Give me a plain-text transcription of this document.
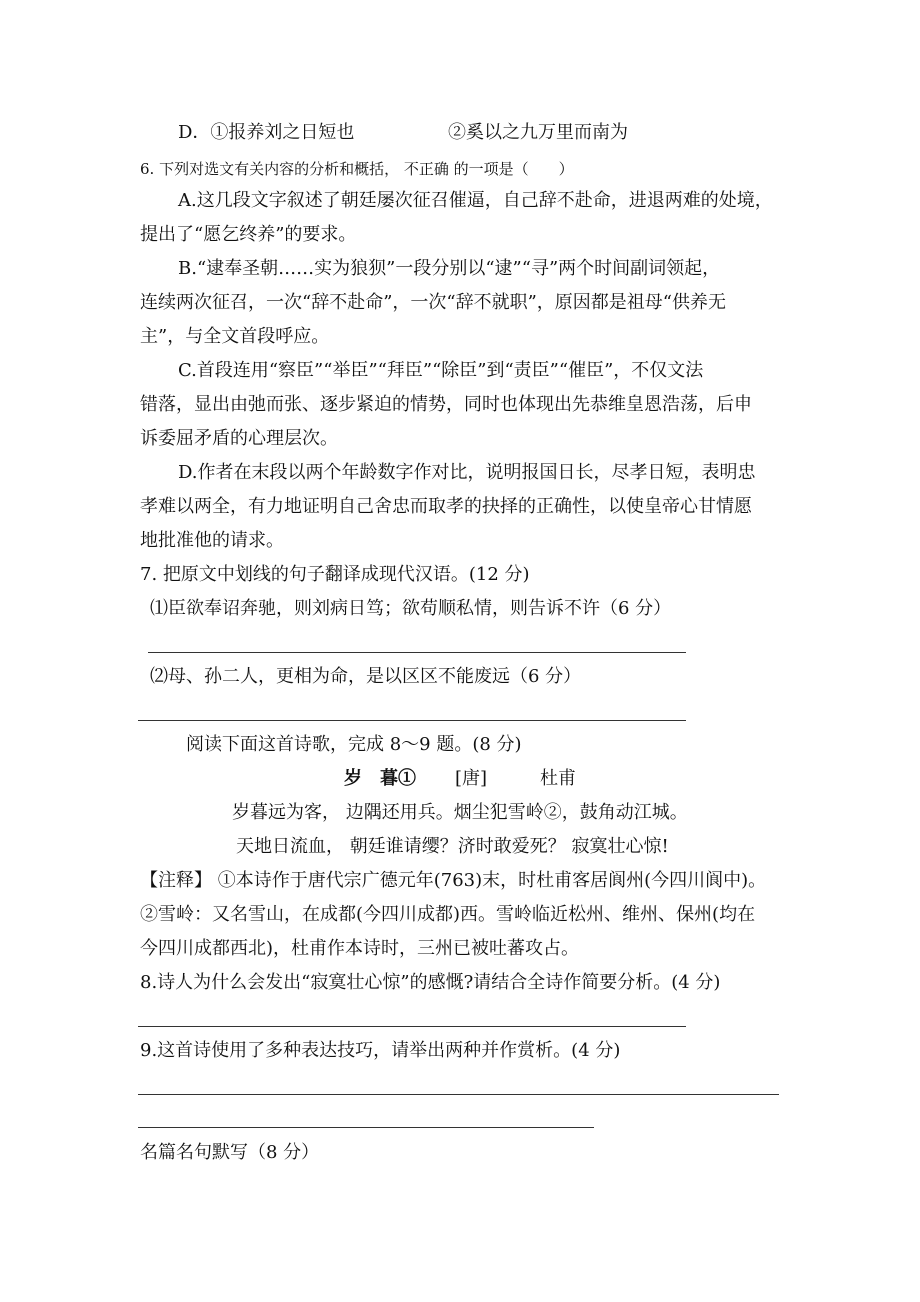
D．①报养刘之日短也	②奚以之九万里而南为
6. 下列对选文有关内容的分析和概括， 不正确 的一项是（　　）
A.这几段文字叙述了朝廷屡次征召催逼，自己辞不赴命，进退两难的处境，
提出了“愿乞终养”的要求。
B.“逮奉圣朝……实为狼狈”一段分别以“逮”“寻”两个时间副词领起，
连续两次征召，一次“辞不赴命”，一次“辞不就职”，原因都是祖母“供养无
主”，与全文首段呼应。
C.首段连用“察臣”“举臣”“拜臣”“除臣”到“责臣”“催臣”，不仅文法
错落，显出由弛而张、逐步紧迫的情势，同时也体现出先恭维皇恩浩荡，后申
诉委屈矛盾的心理层次。
D.作者在末段以两个年龄数字作对比，说明报国日长，尽孝日短，表明忠
孝难以两全，有力地证明自己舍忠而取孝的抉择的正确性，以使皇帝心甘情愿
地批准他的请求。
7. 把原文中划线的句子翻译成现代汉语。(12 分)
⑴臣欲奉诏奔驰，则刘病日笃；欲苟顺私情，则告诉不许（6 分）
⑵母、孙二人，更相为命，是以区区不能废远（6 分）
阅读下面这首诗歌，完成 8～9 题。(8 分)
岁　暮① [唐]	杜甫
岁暮远为客， 边隅还用兵。烟尘犯雪岭②，鼓角动江城。
天地日流血， 朝廷谁请缨？济时敢爱死？ 寂寞壮心惊!
【注释】 ①本诗作于唐代宗广德元年(763)末，时杜甫客居阆州(今四川阆中)。
②雪岭：又名雪山，在成都(今四川成都)西。雪岭临近松州、维州、保州(均在
今四川成都西北)，杜甫作本诗时，三州已被吐蕃攻占。
8.诗人为什么会发出“寂寞壮心惊”的感慨?请结合全诗作简要分析。(4 分)
9.这首诗使用了多种表达技巧，请举出两种并作赏析。(4 分)
名篇名句默写（8 分）
